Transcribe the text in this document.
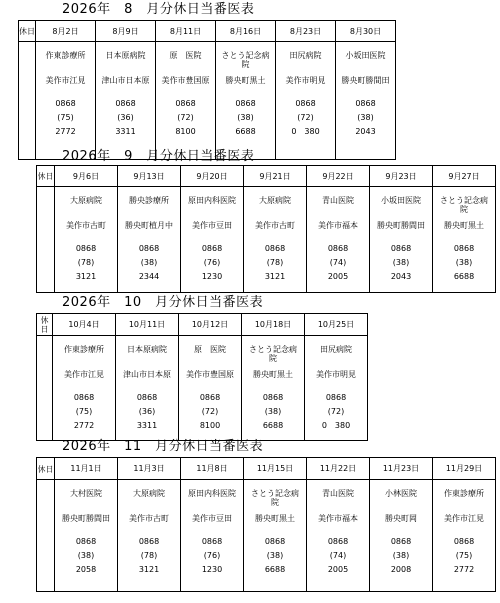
2026年　8　月分休日当番医表
休日	8月2日	8月9日	8月11日	8月16日	8月23日	8月30日

	作東診療所
美作市江見
0868
(75)
2772	日本原病院
津山市日本原
0868
(36)
3311	原　医院
美作市豊国原
0868
(72)
8100	さとう記念病院
勝央町黒土
0868
(38)
6688	田尻病院
美作市明見
0868
(72)
0　380	小坂田医院
勝央町勝間田
0868
(38)
2043
2026年　9　月分休日当番医表
休日	9月6日	9月13日	9月20日	9月21日	9月22日	9月23日	9月27日

	大原病院
美作市古町
0868
(78)
3121	勝央診療所
勝央町植月中
0868
(38)
2344	原田内科医院
美作市豆田
0868
(76)
1230	大原病院
美作市古町
0868
(78)
3121	青山医院
美作市福本
0868
(74)
2005	小坂田医院
勝央町勝間田
0868
(38)
2043	さとう記念病院
勝央町黒土
0868
(38)
6688
2026年　10　月分休日当番医表
休日	10月4日	10月11日	10月12日	10月18日	10月25日

	作東診療所
美作市江見
0868
(75)
2772	日本原病院
津山市日本原
0868
(36)
3311	原　医院
美作市豊国原
0868
(72)
8100	さとう記念病院
勝央町黒土
0868
(38)
6688	田尻病院
美作市明見
0868
(72)
0　380
2026年　11　月分休日当番医表
休日	11月1日	11月3日	11月8日	11月15日	11月22日	11月23日	11月29日

	大村医院
勝央町勝間田
0868
(38)
2058	大原病院
美作市古町
0868
(78)
3121	原田内科医院
美作市豆田
0868
(76)
1230	さとう記念病院
勝央町黒土
0868
(38)
6688	青山医院
美作市福本
0868
(74)
2005	小林医院
勝央町岡
0868
(38)
2008	作東診療所
美作市江見
0868
(75)
2772
